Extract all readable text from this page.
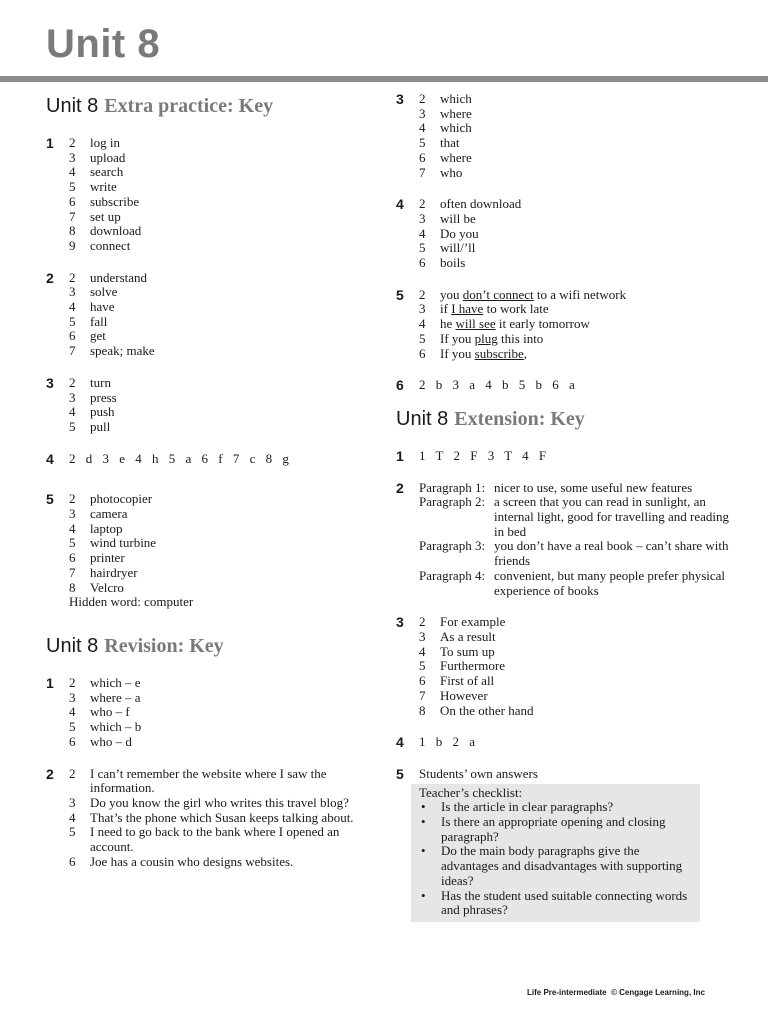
Unit 8
Unit 8 Extra practice: Key
1 2	log in
3	upload
4	search
5	write
6	subscribe
7	set up
8	download
9	connect
2 2	understand
3	solve
4	have
5	fall
6	get
7	speak; make
3 2	turn
3	press
4	push
5	pull
4 2 d 3 e 4 h 5 a 6 f 7 c 8 g
5 2	photocopier
3	camera
4	laptop
5	wind turbine
6	printer
7	hairdryer
8	Velcro
Hidden word: computer
Unit 8 Revision: Key
1 2	which – e
3	where – a
4	who – f
5	which – b
6	who – d
2 2	I can’t remember the website where I saw the information.
3	Do you know the girl who writes this travel blog?
4	That’s the phone which Susan keeps talking about.
5	I need to go back to the bank where I opened an account.
6	Joe has a cousin who designs websites.
3 2	which
3	where
4	which
5	that
6	where
7	who
4 2	often download
3	will be
4	Do you
5	will/’ll
6	boils
5 2	you don’t connect to a wifi network
3	if I have to work late
4	he will see it early tomorrow
5	If you plug this into
6	If you subscribe,
6 2 b 3 a 4 b 5 b 6 a
Unit 8 Extension: Key
1 1 T 2 F 3 T 4 F
2 Paragraph 1: nicer to use, some useful new features
Paragraph 2: a screen that you can read in sunlight, an internal light, good for travelling and reading in bed
Paragraph 3: you don’t have a real book – can’t share with friends
Paragraph 4: convenient, but many people prefer physical experience of books
3 2	For example
3	As a result
4	To sum up
5	Furthermore
6	First of all
7	However
8	On the other hand
4 1 b 2 a
5 Students’ own answers
Teacher’s checklist:
•	Is the article in clear paragraphs?
•	Is there an appropriate opening and closing paragraph?
•	Do the main body paragraphs give the advantages and disadvantages with supporting ideas?
•	Has the student used suitable connecting words and phrases?
Life Pre-intermediate © Cengage Learning, Inc
